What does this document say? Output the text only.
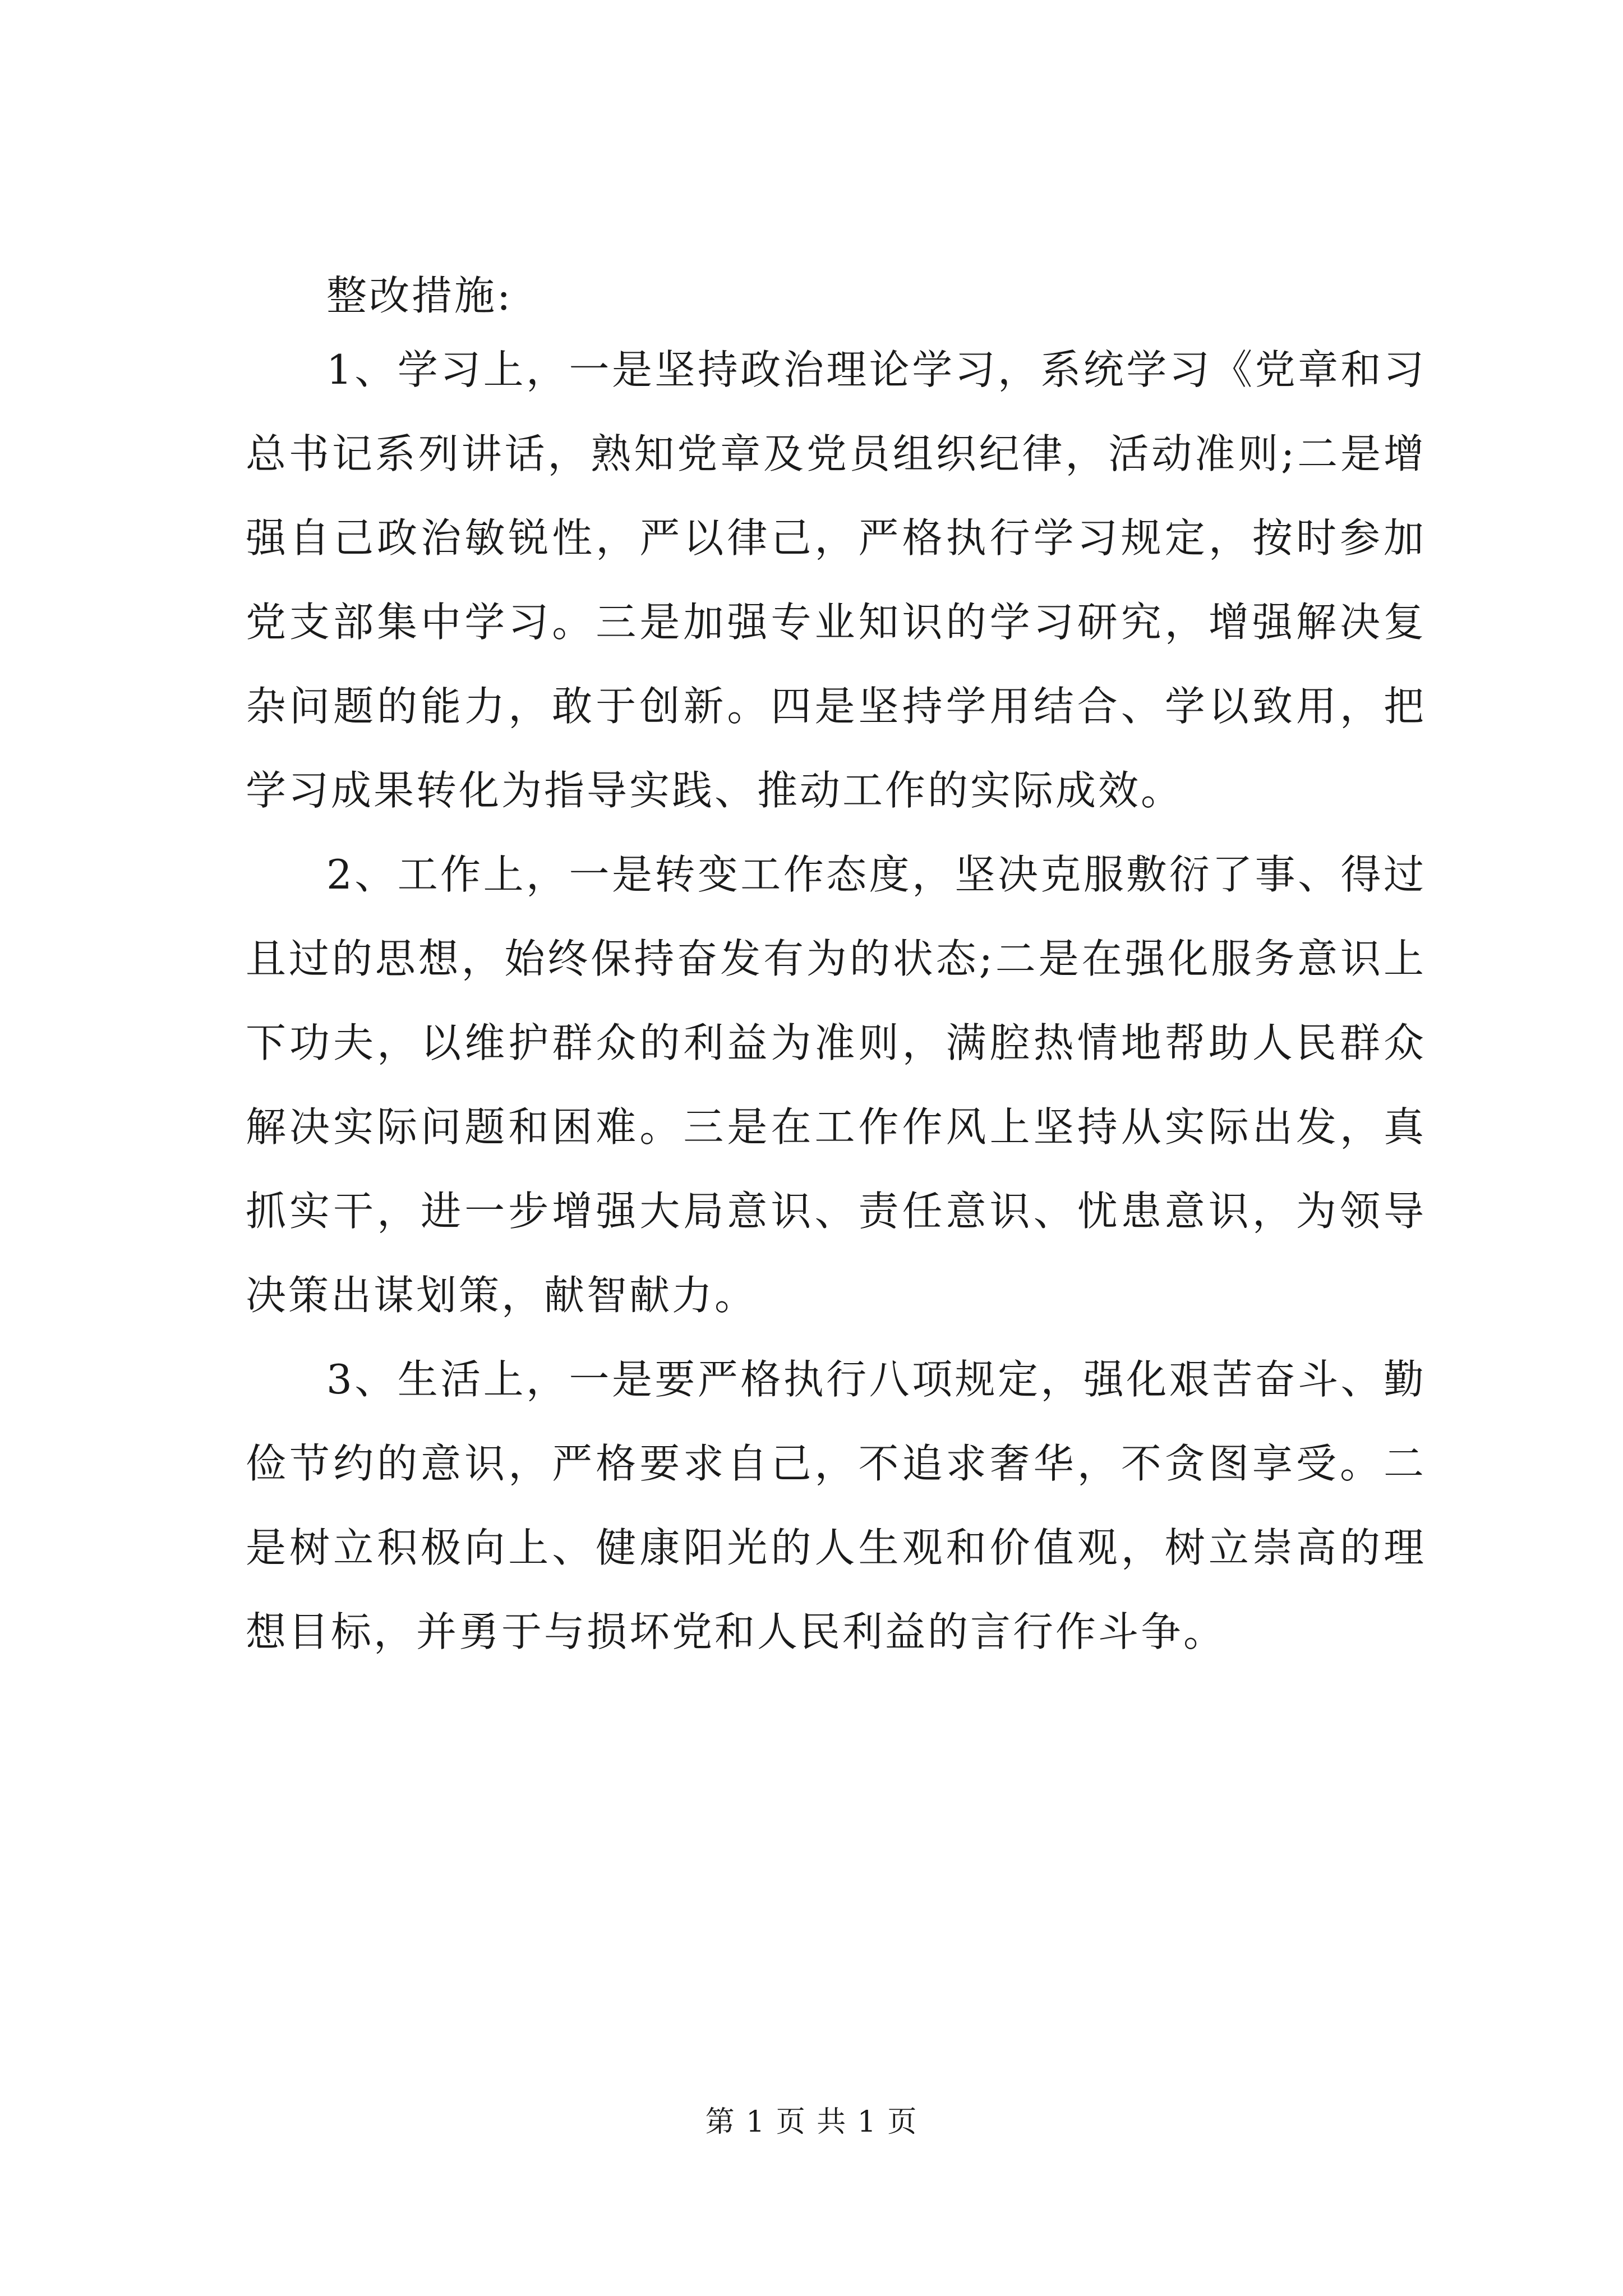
整改措施:

1、学习上，一是坚持政治理论学习，系统学习《党章和习总书记系列讲话，熟知党章及党员组织纪律，活动准则;二是增强自己政治敏锐性，严以律己，严格执行学习规定，按时参加党支部集中学习。三是加强专业知识的学习研究，增强解决复杂问题的能力，敢于创新。四是坚持学用结合、学以致用，把学习成果转化为指导实践、推动工作的实际成效。

2、工作上，一是转变工作态度，坚决克服敷衍了事、得过且过的思想，始终保持奋发有为的状态;二是在强化服务意识上下功夫，以维护群众的利益为准则，满腔热情地帮助人民群众解决实际问题和困难。三是在工作作风上坚持从实际出发，真抓实干，进一步增强大局意识、责任意识、忧患意识，为领导决策出谋划策，献智献力。

3、生活上，一是要严格执行八项规定，强化艰苦奋斗、勤俭节约的意识，严格要求自己，不追求奢华，不贪图享受。二是树立积极向上、健康阳光的人生观和价值观，树立崇高的理想目标，并勇于与损坏党和人民利益的言行作斗争。

第 1 页 共 1 页
